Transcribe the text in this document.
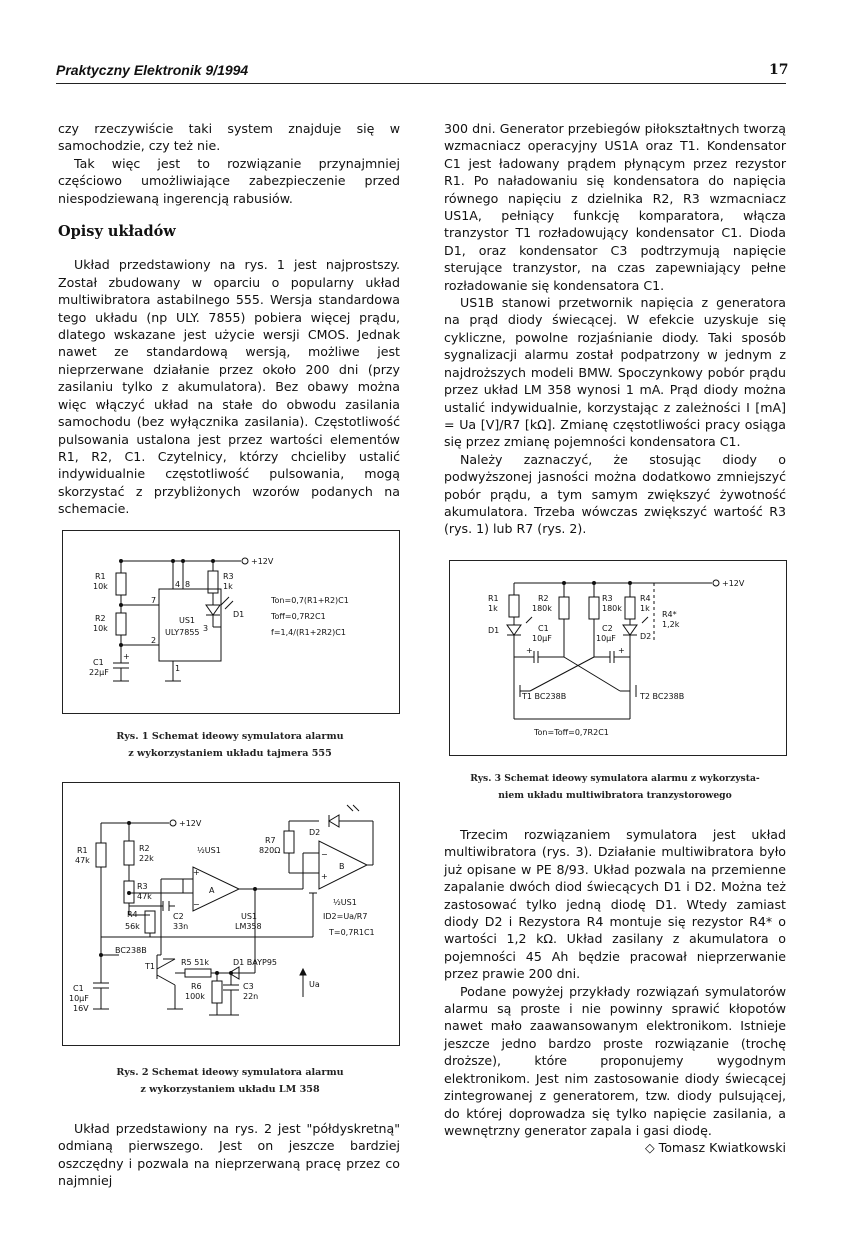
Praktyczny Elektronik 9/1994	17

czy rzeczywiście taki system znajduje się w samochodzie, czy też nie.

Tak więc jest to rozwiązanie przynajmniej częściowo umożliwiające zabezpieczenie przed niespodziewaną ingerencją rabusiów.

Opisy układów

Układ przedstawiony na rys. 1 jest najprostszy. Został zbudowany w oparciu o popularny układ multiwibratora astabilnego 555. Wersja standardowa tego układu (np ULY. 7855) pobiera więcej prądu, dlatego wskazane jest użycie wersji CMOS. Jednak nawet ze standardową wersją, możliwe jest nieprzerwane działanie przez około 200 dni (przy zasilaniu tylko z akumulatora). Bez obawy można więc włączyć układ na stałe do obwodu zasilania samochodu (bez wyłącznika zasilania). Częstotliwość pulsowania ustalona jest przez wartości elementów R1, R2, C1. Czytelnicy, którzy chcieliby ustalić indywidualnie częstotliwość pulsowania, mogą skorzystać z przybliżonych wzorów podanych na schemacie.

+12V
R1
10k
R2
10k
R3
1k
D1
C1
22μF
+
US1
ULY7855
4 8
7
2
3
1
Ton=0,7(R1+R2)C1
Toff=0,7R2C1
f=1,4/(R1+2R2)C1
Rys. 1 Schemat ideowy symulatora alarmu
z wykorzystaniem układu tajmera 555
+12V
R1
47k
R2
22k
R3
47k
R4
56k
C2
33n
R7
820Ω
D2
A
B
½US1
½US1
+
−
+
−
US1
LM358
BC238B
T1	R5 51k	D1 BAYP95
R6
100k
C3
22n
C1
10μF
16V
Ua
ID2=Ua/R7
T=0,7R1C1
Rys. 2 Schemat ideowy symulatora alarmu
z wykorzystaniem układu LM 358

Układ przedstawiony na rys. 2 jest "półdyskretną" odmianą pierwszego. Jest on jeszcze bardziej oszczędny i pozwala na nieprzerwaną pracę przez co najmniej

300 dni. Generator przebiegów piłokształtnych tworzą wzmacniacz operacyjny US1A oraz T1. Kondensator C1 jest ładowany prądem płynącym przez rezystor R1. Po naładowaniu się kondensatora do napięcia równego napięciu z dzielnika R2, R3 wzmacniacz US1A, pełniący funkcję komparatora, włącza tranzystor T1 rozładowujący kondensator C1. Dioda D1, oraz kondensator C3 podtrzymują napięcie sterujące tranzystor, na czas zapewniający pełne rozładowanie się kondensatora C1.

US1B stanowi przetwornik napięcia z generatora na prąd diody świecącej. W efekcie uzyskuje się cykliczne, powolne rozjaśnianie diody. Taki sposób sygnalizacji alarmu został podpatrzony w jednym z najdroższych modeli BMW. Spoczynkowy pobór prądu przez układ LM 358 wynosi 1 mA. Prąd diody można ustalić indywidualnie, korzystając z zależności I [mA] = Ua [V]/R7 [kΩ]. Zmianę częstotliwości pracy osiąga się przez zmianę pojemności kondensatora C1.

Należy zaznaczyć, że stosując diody o podwyższonej jasności można dodatkowo zmniejszyć pobór prądu, a tym samym zwiększyć żywotność akumulatora. Trzeba wówczas zwiększyć wartość R3 (rys. 1) lub R7 (rys. 2).

+12V
R1
1k
R2
180k
R3
180k
R4
1k
R4*
1,2k
D1
D2
C1
10μF
C2
10μF
+	+
T1 BC238B	T2 BC238B
Ton=Toff=0,7R2C1
Rys. 3 Schemat ideowy symulatora alarmu z wykorzysta-
niem układu multiwibratora tranzystorowego

Trzecim rozwiązaniem symulatora jest układ multiwibratora (rys. 3). Działanie multiwibratora było już opisane w PE 8/93. Układ pozwala na przemienne zapalanie dwóch diod świecących D1 i D2. Można też zastosować tylko jedną diodę D1. Wtedy zamiast diody D2 i Rezystora R4 montuje się rezystor R4* o wartości 1,2 kΩ. Układ zasilany z akumulatora o pojemności 45 Ah będzie pracował nieprzerwanie przez prawie 200 dni.

Podane powyżej przykłady rozwiązań symulatorów alarmu są proste i nie powinny sprawić kłopotów nawet mało zaawansowanym elektronikom. Istnieje jeszcze jedno bardzo proste rozwiązanie (trochę droższe), które proponujemy wygodnym elektronikom. Jest nim zastosowanie diody świecącej zintegrowanej z generatorem, tzw. diody pulsującej, do której doprowadza się tylko napięcie zasilania, a wewnętrzny generator zapala i gasi diodę.

◇ Tomasz Kwiatkowski
